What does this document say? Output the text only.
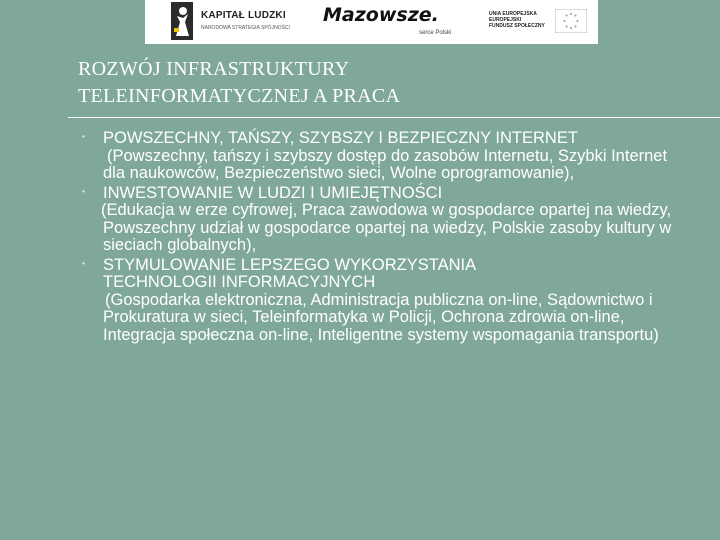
KAPITAŁ LUDZKI
NARODOWA STRATEGIA SPÓJNOŚCI
Mazowsze.
serce Polski
UNIA EUROPEJSKA
EUROPEJSKI
FUNDUSZ SPOŁECZNY
ROZWÓJ INFRASTRUKTURY
TELEINFORMATYCZNEJ A PRACA
• POWSZECHNY, TAŃSZY, SZYBSZY I BEZPIECZNY INTERNET
(Powszechny, tańszy i szybszy dostęp do zasobów Internetu, Szybki Internet dla naukowców, Bezpieczeństwo sieci, Wolne oprogramowanie),
• INWESTOWANIE W LUDZI I UMIEJĘTNOŚCI
(Edukacja w erze cyfrowej, Praca zawodowa w gospodarce opartej na wiedzy, Powszechny udział w gospodarce opartej na wiedzy, Polskie zasoby kultury w sieciach globalnych),
• STYMULOWANIE LEPSZEGO WYKORZYSTANIA TECHNOLOGII INFORMACYJNYCH
(Gospodarka elektroniczna, Administracja publiczna on-line, Sądownictwo i Prokuratura w sieci, Teleinformatyka w Policji, Ochrona zdrowia on-line, Integracja społeczna on-line, Inteligentne systemy wspomagania transportu)
